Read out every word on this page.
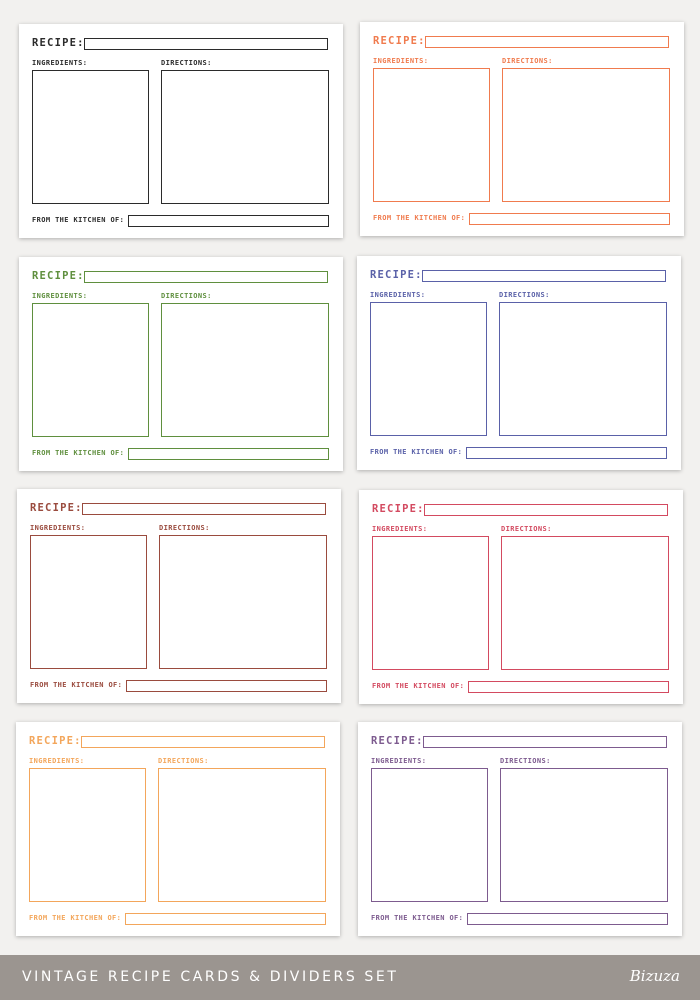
RECIPE:
INGREDIENTS:	DIRECTIONS:
FROM THE KITCHEN OF:
RECIPE:
INGREDIENTS:	DIRECTIONS:
FROM THE KITCHEN OF:
RECIPE:
INGREDIENTS:	DIRECTIONS:
FROM THE KITCHEN OF:
RECIPE:
INGREDIENTS:	DIRECTIONS:
FROM THE KITCHEN OF:
RECIPE:
INGREDIENTS:	DIRECTIONS:
FROM THE KITCHEN OF:
RECIPE:
INGREDIENTS:	DIRECTIONS:
FROM THE KITCHEN OF:
RECIPE:
INGREDIENTS:	DIRECTIONS:
FROM THE KITCHEN OF:
RECIPE:
INGREDIENTS:	DIRECTIONS:
FROM THE KITCHEN OF:
VINTAGE RECIPE CARDS & DIVIDERS SET	Bizuza
